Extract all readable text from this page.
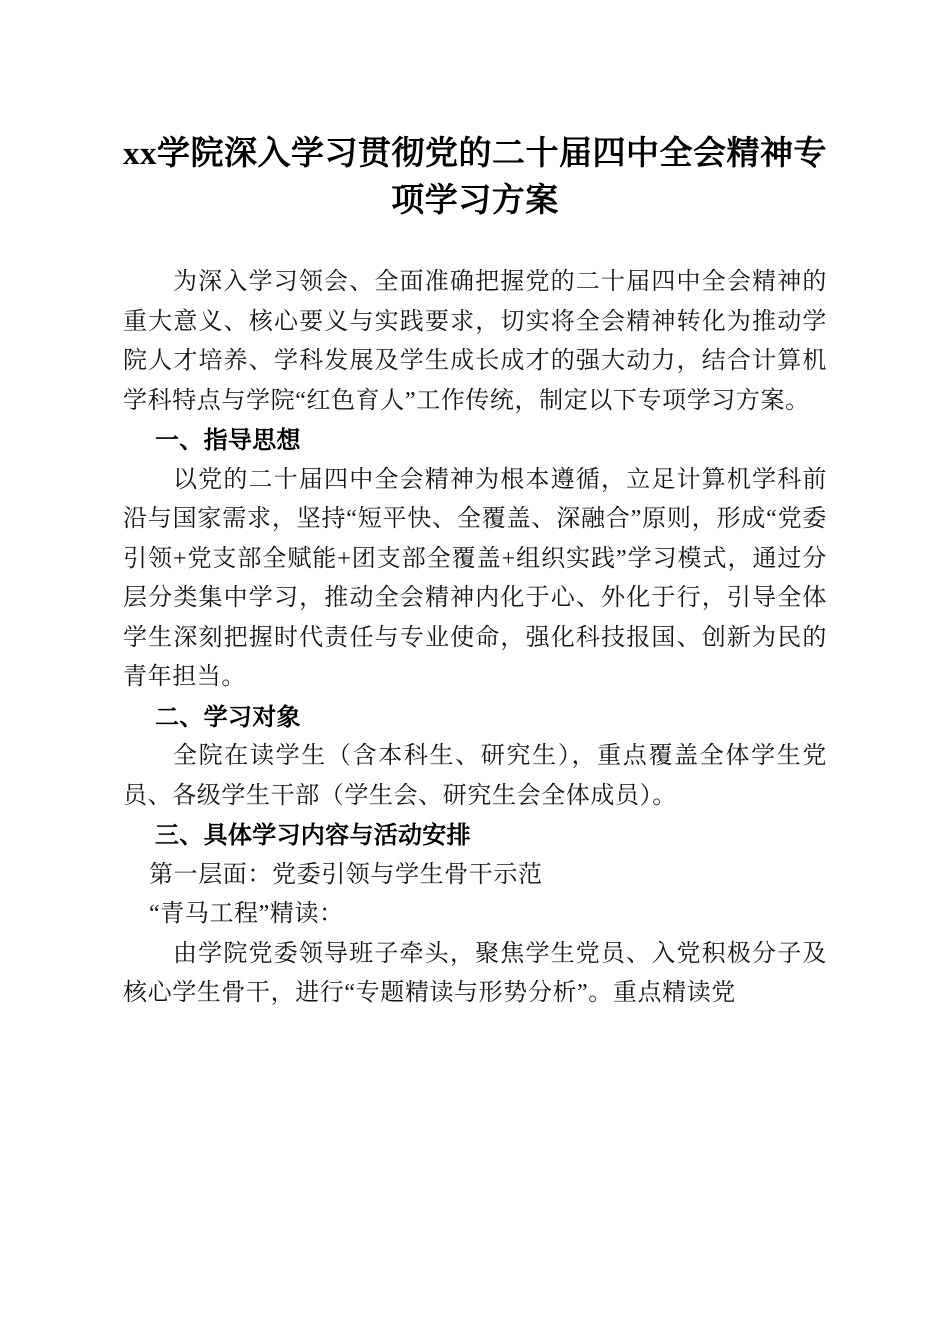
xx学院深入学习贯彻党的二十届四中全会精神专项学习方案

为深入学习领会、全面准确把握党的二十届四中全会精神的重大意义、核心要义与实践要求，切实将全会精神转化为推动学院人才培养、学科发展及学生成长成才的强大动力，结合计算机学科特点与学院“红色育人”工作传统，制定以下专项学习方案。

一、指导思想

以党的二十届四中全会精神为根本遵循，立足计算机学科前沿与国家需求，坚持“短平快、全覆盖、深融合”原则，形成“党委引领+党支部全赋能+团支部全覆盖+组织实践”学习模式，通过分层分类集中学习，推动全会精神内化于心、外化于行，引导全体学生深刻把握时代责任与专业使命，强化科技报国、创新为民的青年担当。

二、学习对象

全院在读学生（含本科生、研究生），重点覆盖全体学生党员、各级学生干部（学生会、研究生会全体成员）。

三、具体学习内容与活动安排

第一层面：党委引领与学生骨干示范

“青马工程”精读：

由学院党委领导班子牵头，聚焦学生党员、入党积极分子及核心学生骨干，进行“专题精读与形势分析”。重点精读党
